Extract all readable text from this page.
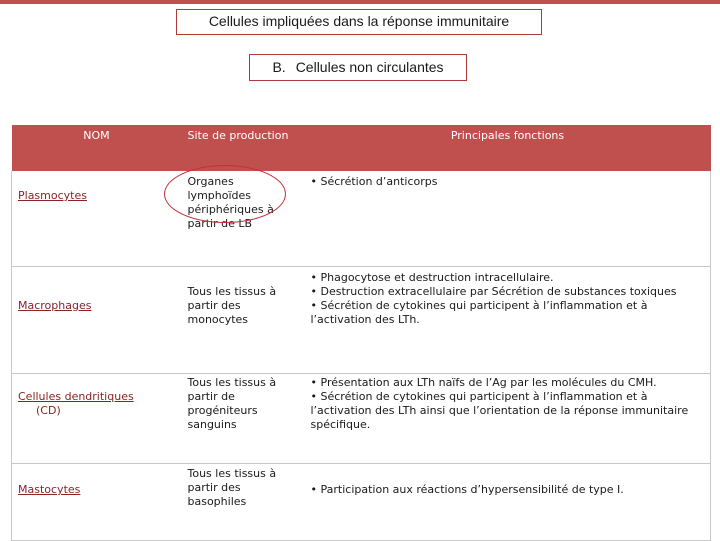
Cellules impliquées dans la réponse immunitaire
B. Cellules non circulantes
NOM	Site de production	Principales fonctions
Plasmocytes	Organes lymphoïdes périphériques à partir de LB	• Sécrétion d’anticorps

Macrophages	Tous les tissus à partir des monocytes	• Phagocytose et destruction intracellulaire.
• Destruction extracellulaire par Sécrétion de substances toxiques
• Sécrétion de cytokines qui participent à l’inflammation et à l’activation des LTh.

Cellules dendritiques
(CD)	Tous les tissus à partir de progéniteurs sanguins	• Présentation aux LTh naïfs de l’Ag par les molécules du CMH.
• Sécrétion de cytokines qui participent à l’inflammation et à l’activation des LTh ainsi que l’orientation de la réponse immunitaire spécifique.

Mastocytes	Tous les tissus à partir des basophiles	• Participation aux réactions d’hypersensibilité de type I.
